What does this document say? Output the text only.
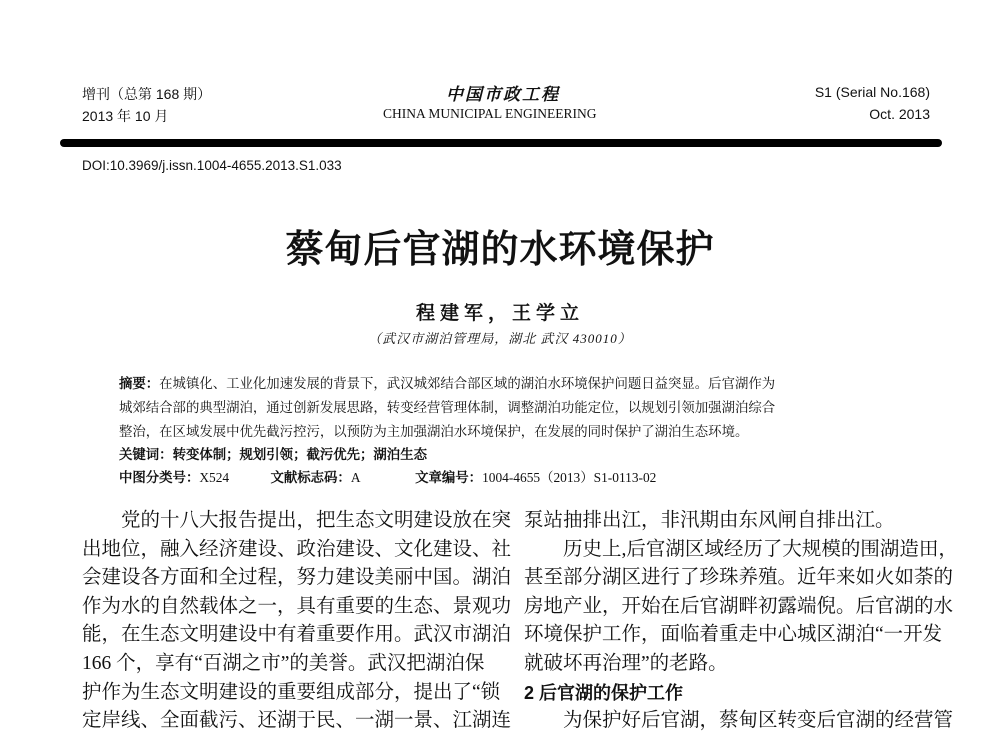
增刊（总第 168 期）
2013 年 10 月
中国市政工程
CHINA MUNICIPAL ENGINEERING
S1 (Serial No.168)
Oct. 2013
DOI:10.3969/j.issn.1004-4655.2013.S1.033
蔡甸后官湖的水环境保护
程建军，王学立
（武汉市湖泊管理局，湖北 武汉 430010）
摘要：在城镇化、工业化加速发展的背景下，武汉城郊结合部区域的湖泊水环境保护问题日益突显。后官湖作为
城郊结合部的典型湖泊，通过创新发展思路，转变经营管理体制，调整湖泊功能定位，以规划引领加强湖泊综合
整治，在区域发展中优先截污控污，以预防为主加强湖泊水环境保护，在发展的同时保护了湖泊生态环境。
关键词：转变体制；规划引领；截污优先；湖泊生态
中图分类号：X524	文献标志码：A	文章编号：1004-4655（2013）S1-0113-02
党的十八大报告提出，把生态文明建设放在突
出地位，融入经济建设、政治建设、文化建设、社
会建设各方面和全过程，努力建设美丽中国。湖泊
作为水的自然载体之一，具有重要的生态、景观功
能，在生态文明建设中有着重要作用。武汉市湖泊
166 个，享有“百湖之市”的美誉。武汉把湖泊保
护作为生态文明建设的重要组成部分，提出了“锁
定岸线、全面截污、还湖于民、一湖一景、江湖连
泵站抽排出江，非汛期由东风闸自排出江。
历史上,后官湖区域经历了大规模的围湖造田，
甚至部分湖区进行了珍珠养殖。近年来如火如荼的
房地产业，开始在后官湖畔初露端倪。后官湖的水
环境保护工作，面临着重走中心城区湖泊“一开发
就破坏再治理”的老路。
2 后官湖的保护工作
为保护好后官湖，蔡甸区转变后官湖的经营管
